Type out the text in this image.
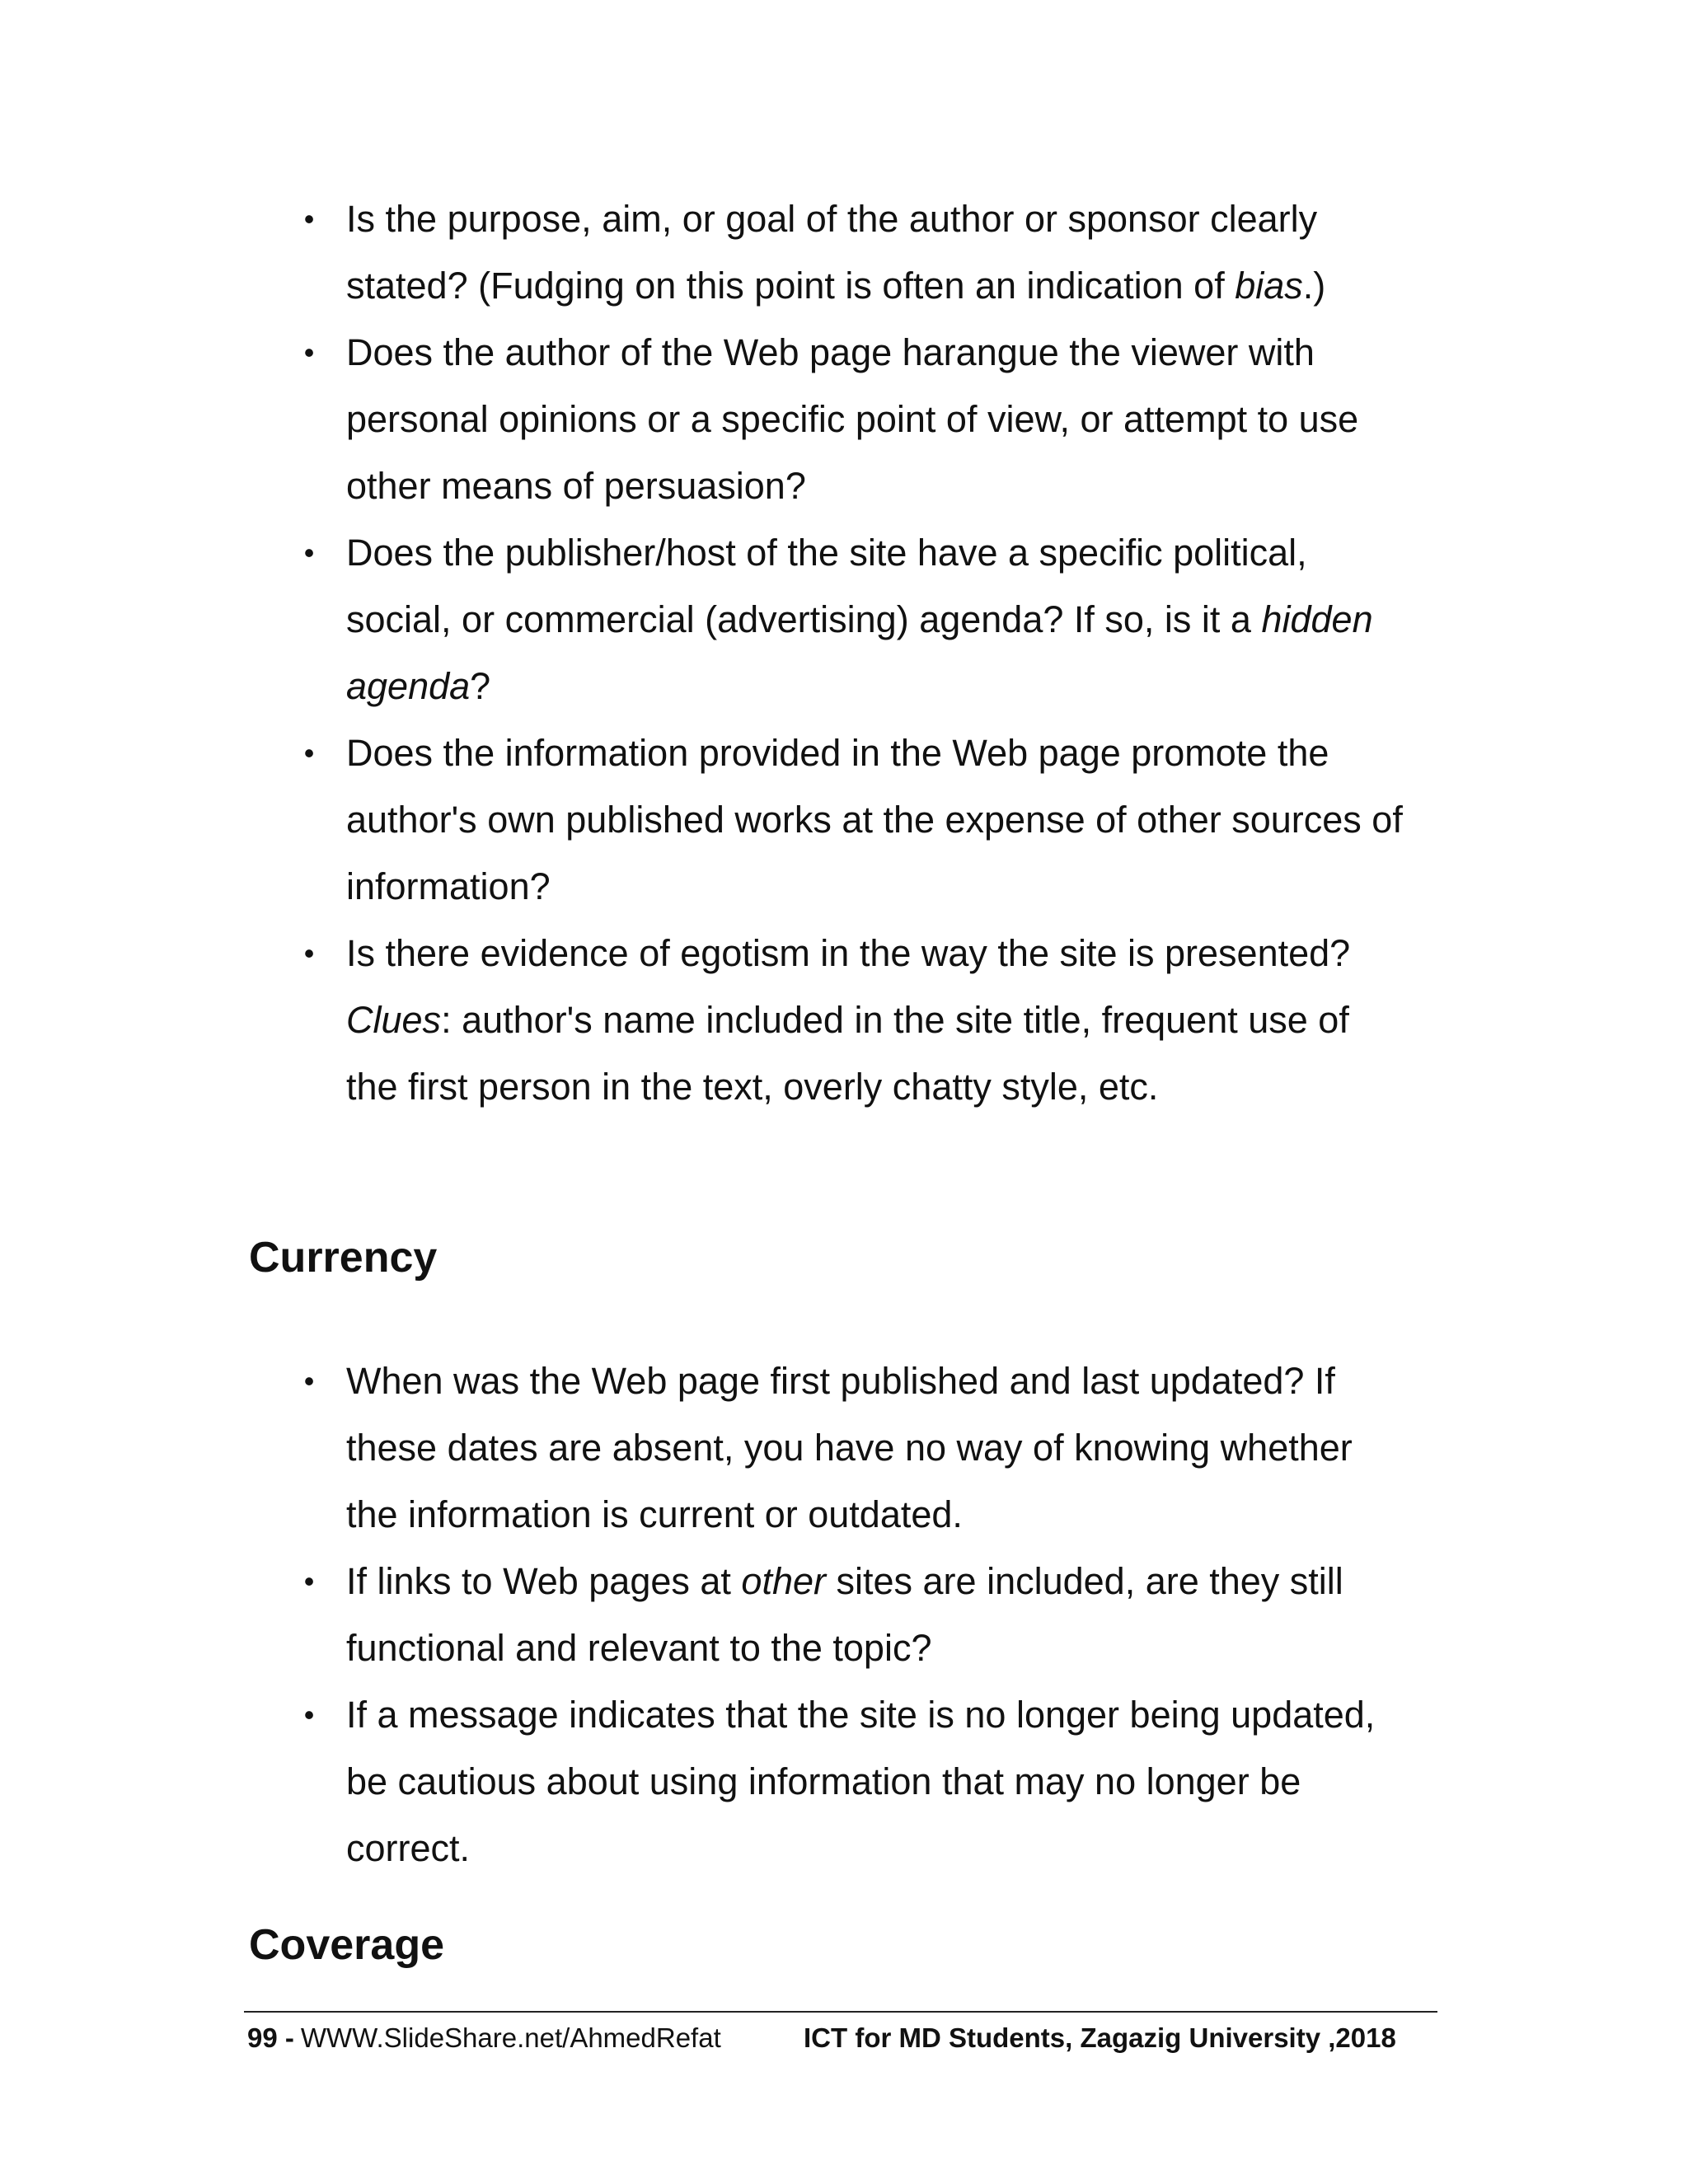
• Is the purpose, aim, or goal of the author or sponsor clearly stated? (Fudging on this point is often an indication of bias.)
• Does the author of the Web page harangue the viewer with personal opinions or a specific point of view, or attempt to use other means of persuasion?
• Does the publisher/host of the site have a specific political, social, or commercial (advertising) agenda? If so, is it a hidden agenda?
• Does the information provided in the Web page promote the author's own published works at the expense of other sources of information?
• Is there evidence of egotism in the way the site is presented? Clues: author's name included in the site title, frequent use of the first person in the text, overly chatty style, etc.
Currency
• When was the Web page first published and last updated? If these dates are absent, you have no way of knowing whether the information is current or outdated.
• If links to Web pages at other sites are included, are they still functional and relevant to the topic?
• If a message indicates that the site is no longer being updated, be cautious about using information that may no longer be correct.
Coverage
99 - WWW.SlideShare.net/AhmedRefat	ICT for MD Students, Zagazig University ,2018
